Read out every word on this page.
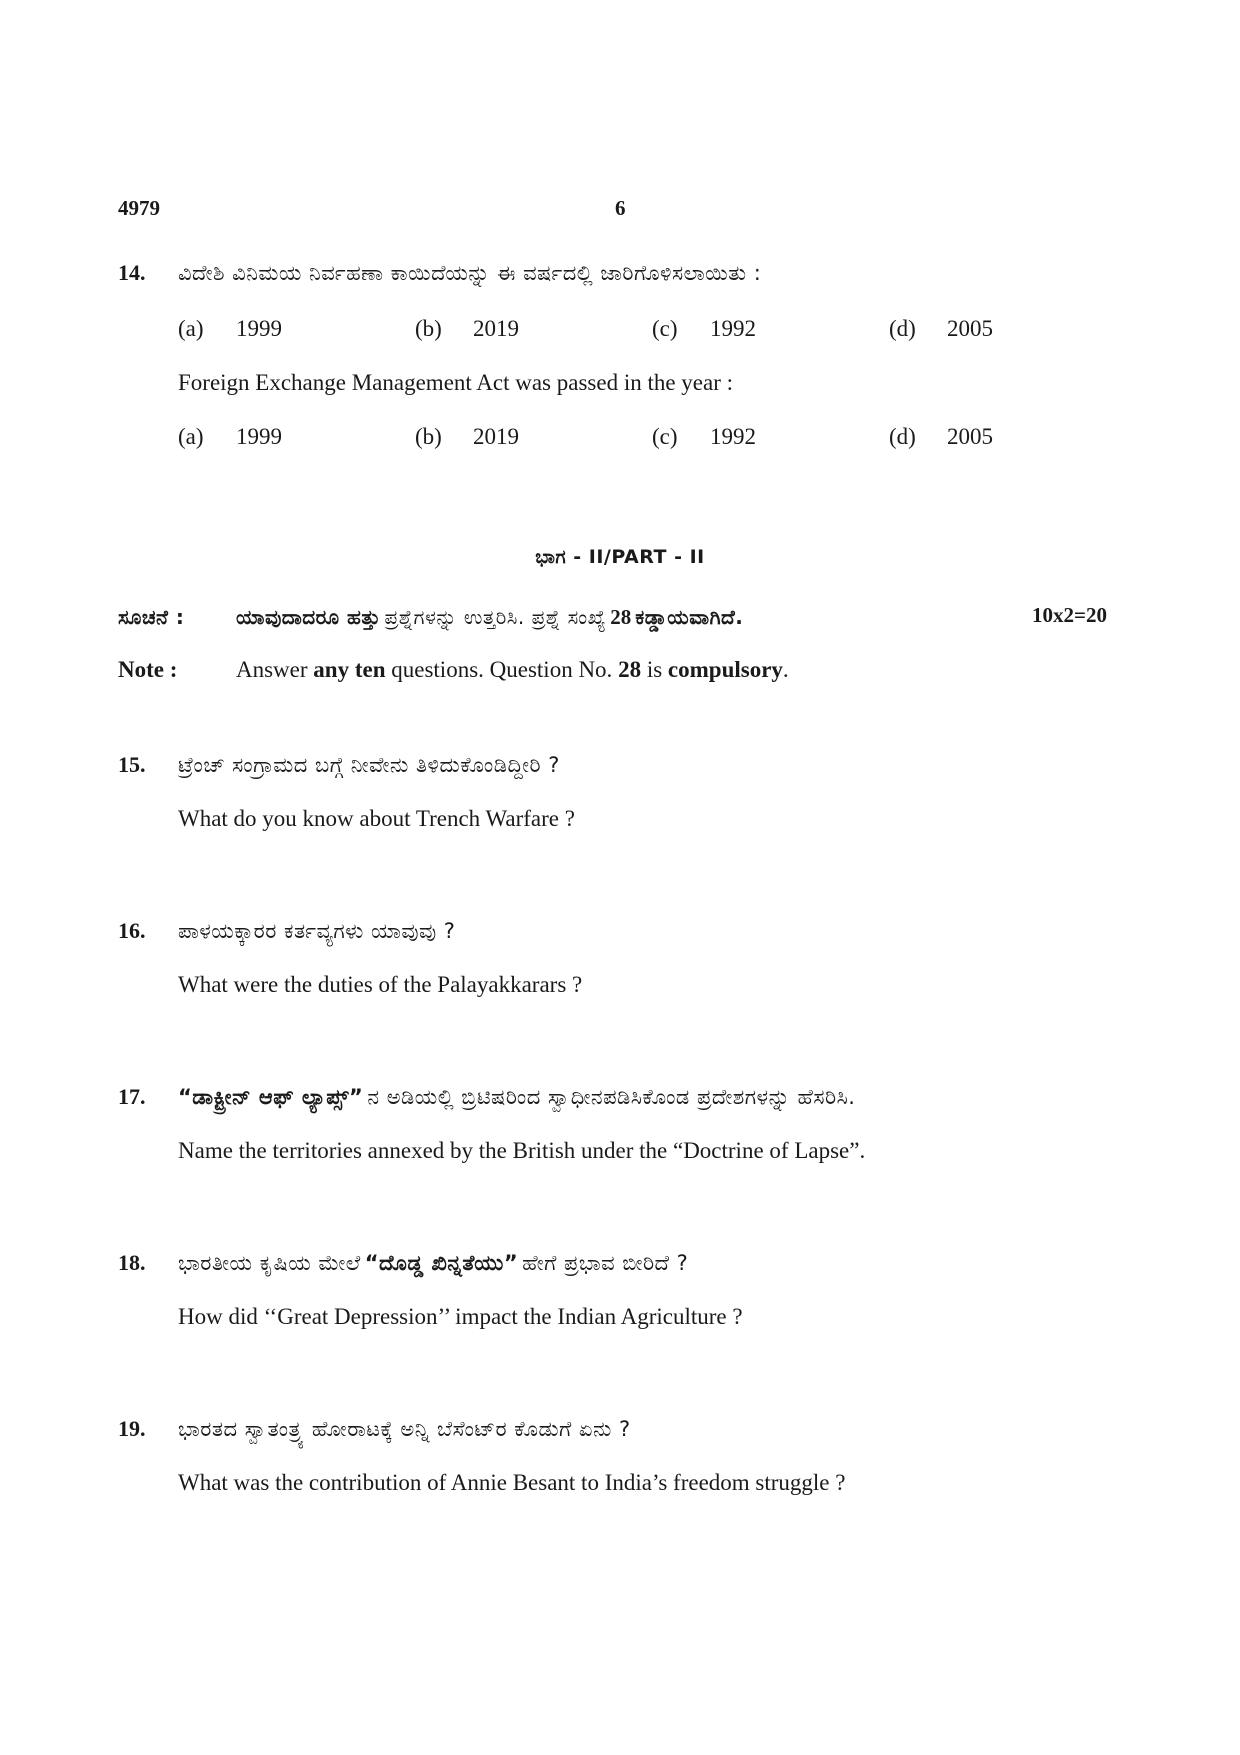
4979	6
14. ವಿದೇಶಿ ವಿನಿಮಯ ನಿರ್ವಹಣಾ ಕಾಯಿದೆಯನ್ನು ಈ ವರ್ಷದಲ್ಲಿ ಜಾರಿಗೊಳಿಸಲಾಯಿತು :
(a) 1999	(b) 2019	(c) 1992	(d) 2005
Foreign Exchange Management Act was passed in the year :
(a) 1999	(b) 2019	(c) 1992	(d) 2005
ಭಾಗ - II/PART - II
ಸೂಚನೆ :	ಯಾವುದಾದರೂ ಹತ್ತು ಪ್ರಶ್ನೆಗಳನ್ನು ಉತ್ತರಿಸಿ. ಪ್ರಶ್ನೆ ಸಂಖ್ಯೆ 28 ಕಡ್ಡಾಯವಾಗಿದೆ.	10x2=20
Note :	Answer any ten questions. Question No. 28 is compulsory.
15. ಟ್ರೆಂಚ್ ಸಂಗ್ರಾಮದ ಬಗ್ಗೆ ನೀವೇನು ತಿಳಿದುಕೊಂಡಿದ್ದೀರಿ ?
What do you know about Trench Warfare ?
16. ಪಾಳಯಕ್ಕಾರರ ಕರ್ತವ್ಯಗಳು ಯಾವುವು ?
What were the duties of the Palayakkarars ?
17. “ಡಾಕ್ಟ್ರೀನ್ ಆಫ್ ಲ್ಯಾಪ್ಸ್” ನ ಅಡಿಯಲ್ಲಿ ಬ್ರಿಟಿಷರಿಂದ ಸ್ವಾಧೀನಪಡಿಸಿಕೊಂಡ ಪ್ರದೇಶಗಳನ್ನು ಹೆಸರಿಸಿ.
Name the territories annexed by the British under the “Doctrine of Lapse”.
18. ಭಾರತೀಯ ಕೃಷಿಯ ಮೇಲೆ “ದೊಡ್ಡ ಖಿನ್ನತೆಯು” ಹೇಗೆ ಪ್ರಭಾವ ಬೀರಿದೆ ?
How did ‘‘Great Depression’’ impact the Indian Agriculture ?
19. ಭಾರತದ ಸ್ವಾತಂತ್ರ್ಯ ಹೋರಾಟಕ್ಕೆ ಅನ್ನಿ ಬೆಸೆಂಟ್‌ರ ಕೊಡುಗೆ ಏನು ?
What was the contribution of Annie Besant to India’s freedom struggle ?
